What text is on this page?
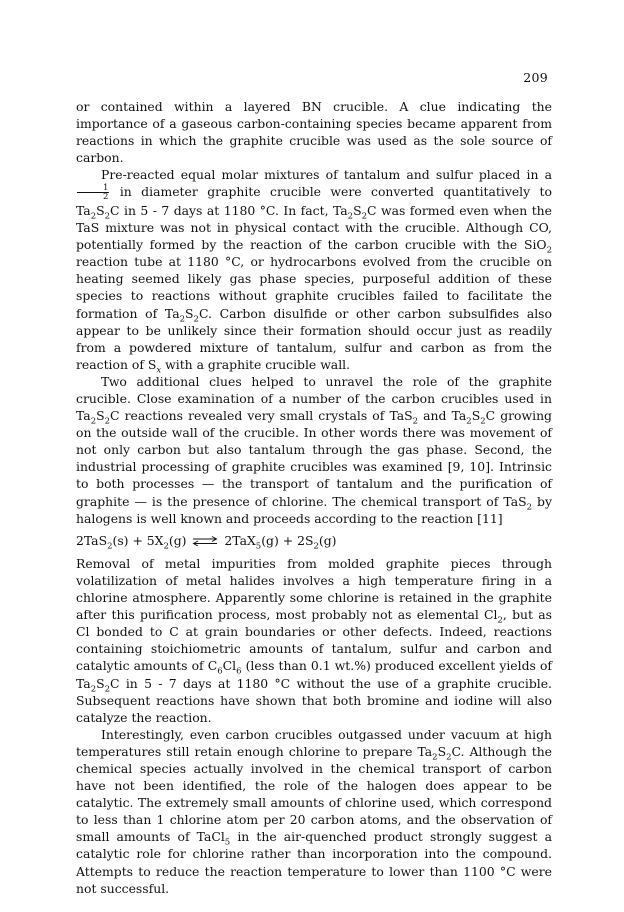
209

or contained within a layered BN crucible. A clue indicating the importance of a gaseous carbon-containing species became apparent from reactions in which the graphite crucible was used as the sole source of carbon.

Pre-reacted equal molar mixtures of tantalum and sulfur placed in a
$\frac{1}{2}$ in diameter graphite crucible were converted quantitatively to $Ta_2S_2C$ in 5 - 7 days at 1180 °C. In fact, $Ta_2S_2C$ was formed even when the TaS mixture was not in physical contact with the crucible. Although CO, potentially formed by the reaction of the carbon crucible with the SiO$_2$ reaction tube at 1180 °C, or hydrocarbons evolved from the crucible on heating seemed likely gas phase species, purposeful addition of these species to reactions without graphite crucibles failed to facilitate the formation of $Ta_2S_2C$. Carbon disulfide or other carbon subsulfides also appear to be unlikely since their formation should occur just as readily from a powdered mixture of tantalum, sulfur and carbon as from the reaction of $S_x$ with a graphite crucible wall.

Two additional clues helped to unravel the role of the graphite crucible. Close examination of a number of the carbon crucibles used in $Ta_2S_2C$ reactions revealed very small crystals of TaS$_2$ and $Ta_2S_2C$ growing on the outside wall of the crucible. In other words there was movement of not only carbon but also tantalum through the gas phase. Second, the industrial processing of graphite crucibles was examined [9, 10]. Intrinsic to both processes — the transport of tantalum and the purification of graphite — is the presence of chlorine. The chemical transport of TaS$_2$ by halogens is well known and proceeds according to the reaction [11]

$2TaS_2(s) + 5X_2(g)$ ⇌ $2TaX_5(g) + 2S_2(g)$

Removal of metal impurities from molded graphite pieces through volatilization of metal halides involves a high temperature firing in a chlorine atmosphere. Apparently some chlorine is retained in the graphite after this purification process, most probably not as elemental $Cl_2$, but as Cl bonded to C at grain boundaries or other defects. Indeed, reactions containing stoichiometric amounts of tantalum, sulfur and carbon and catalytic amounts of $C_6Cl_6$ (less than 0.1 wt.%) produced excellent yields of $Ta_2S_2C$ in 5 - 7 days at 1180 °C without the use of a graphite crucible. Subsequent reactions have shown that both bromine and iodine will also catalyze the reaction.

Interestingly, even carbon crucibles outgassed under vacuum at high temperatures still retain enough chlorine to prepare $Ta_2S_2C$. Although the chemical species actually involved in the chemical transport of carbon have not been identified, the role of the halogen does appear to be catalytic. The extremely small amounts of chlorine used, which correspond to less than 1 chlorine atom per 20 carbon atoms, and the observation of small amounts of TaCl$_5$ in the air-quenched product strongly suggest a catalytic role for chlorine rather than incorporation into the compound. Attempts to reduce the reaction temperature to lower than 1100 °C were not successful.
